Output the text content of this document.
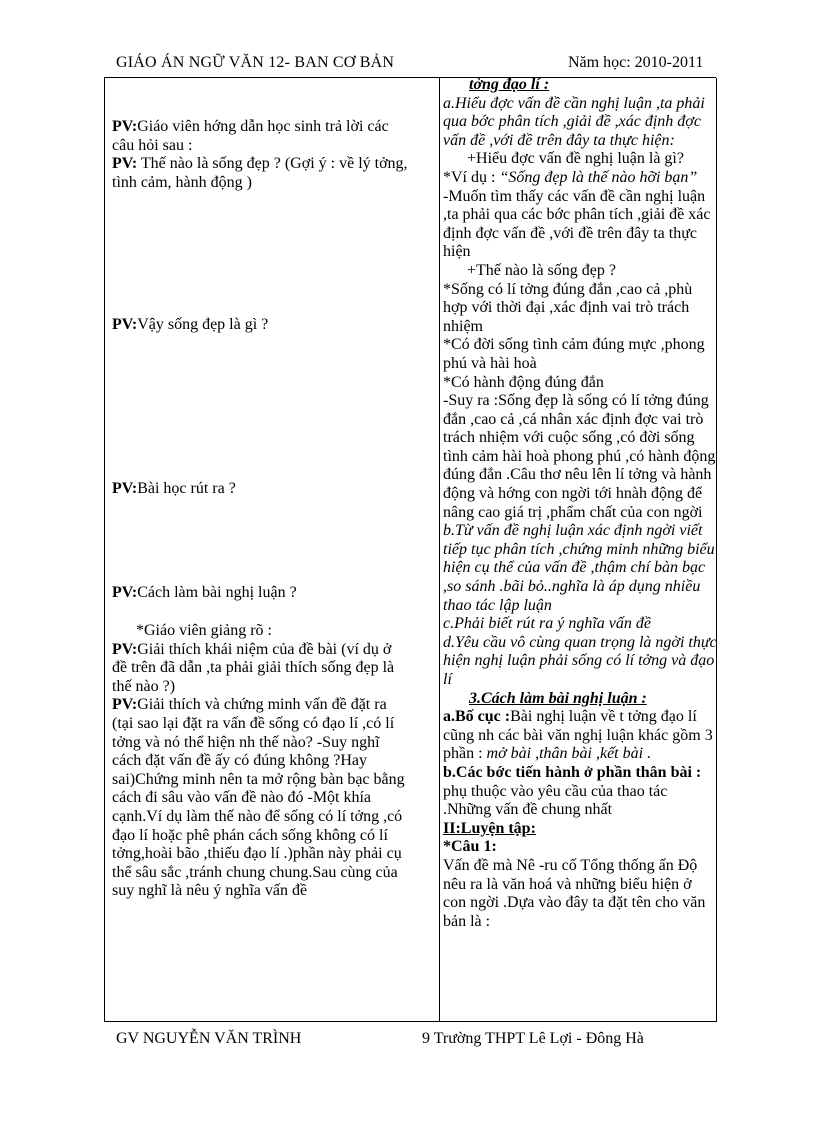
GIÁO ÁN NGỮ VĂN 12- BAN CƠ BẢN	Năm học: 2010-2011

PV:Giáo viên hớng dẫn học sinh trả lời các câu hỏi sau :

PV: Thế nào là sống đẹp ? (Gợi ý : về lý tởng, tình cảm, hành động )

PV:Vậy sống đẹp là gì ?

PV:Bài học rút ra ?

PV:Cách làm bài nghị luận ?

*Giáo viên giảng rõ :

PV:Giải thích khái niệm của đề bài (ví dụ ở đề trên đã dẫn ,ta phải giải thích sống đẹp là thế nào ?)

PV:Giải thích và chứng minh vấn đề đặt ra (tại sao lại đặt ra vấn đề sống có đạo lí ,có lí tởng và nó thể hiện nh thế nào? -Suy nghĩ cách đặt vấn đề ấy có đúng không ?Hay sai)Chứng minh nên ta mở rộng bàn bạc bằng cách đi sâu vào vấn đề nào đó -Một khía cạnh.Ví dụ làm thế nào để sống có lí tởng ,có đạo lí hoặc phê phán cách sống không có lí tởng,hoài bão ,thiếu đạo lí .)phần này phải cụ thể sâu sắc ,tránh chung chung.Sau cùng của suy nghĩ là nêu ý nghĩa vấn đề

tởng đạo lí :

a.Hiểu đợc vấn đề cần nghị luận ,ta phải qua bớc phân tích ,giải đề ,xác định đợc vấn đề ,với đề trên đây ta thực hiện:

+Hiểu đợc vấn đề nghị luận là gì?

*Ví dụ : “Sống đẹp là thế nào hỡi bạn”

-Muốn tìm thấy các vấn đề cần nghị luận ,ta phải qua các bớc phân tích ,giải đề xác định đợc vấn đề ,với đề trên đây ta thực hiện

+Thế nào là sống đẹp ?

*Sống có lí tởng đúng đắn ,cao cả ,phù hợp với thời đại ,xác định vai trò trách nhiệm

*Có đời sống tình cảm đúng mực ,phong phú và hài hoà

*Có hành động đúng đắn

-Suy ra :Sống đẹp là sống có lí tởng đúng đắn ,cao cả ,cá nhân xác định đợc vai trò trách nhiệm với cuộc sống ,có đời sống tình cảm hài hoà phong phú ,có hành động đúng đắn .Câu thơ nêu lên lí tởng và hành động và hớng con ngời tới hnàh động để nâng cao giá trị ,phẩm chất của con ngời

b.Từ vấn đề nghị luận xác định ngời viết tiếp tục phân tích ,chứng minh những biểu hiện cụ thể của vấn đề ,thậm chí bàn bạc ,so sánh .bãi bỏ..nghĩa là áp dụng nhiều thao tác lập luận

c.Phải biết rút ra ý nghĩa vấn đề

d.Yêu cầu vô cùng quan trọng là ngời thực hiện nghị luận phải sống có lí tởng và đạo lí

3.Cách làm bài nghị luận :

a.Bố cục :Bài nghị luận về t tởng đạo lí cũng nh các bài văn nghị luận khác gồm 3 phần : mở bài ,thân bài ,kết bài .

b.Các bớc tiến hành ở phần thân bài : phụ thuộc vào yêu cầu của thao tác .Những vấn đề chung nhất

II:Luyện tập:

*Câu 1:

Vấn đề mà Nê -ru cố Tổng thống ấn Độ nêu ra là văn hoá và những biểu hiện ở con ngời .Dựa vào đây ta đặt tên cho văn bản là :

GV NGUYỄN VĂN TRÌNH	9 Trường THPT Lê Lợi - Đông Hà
